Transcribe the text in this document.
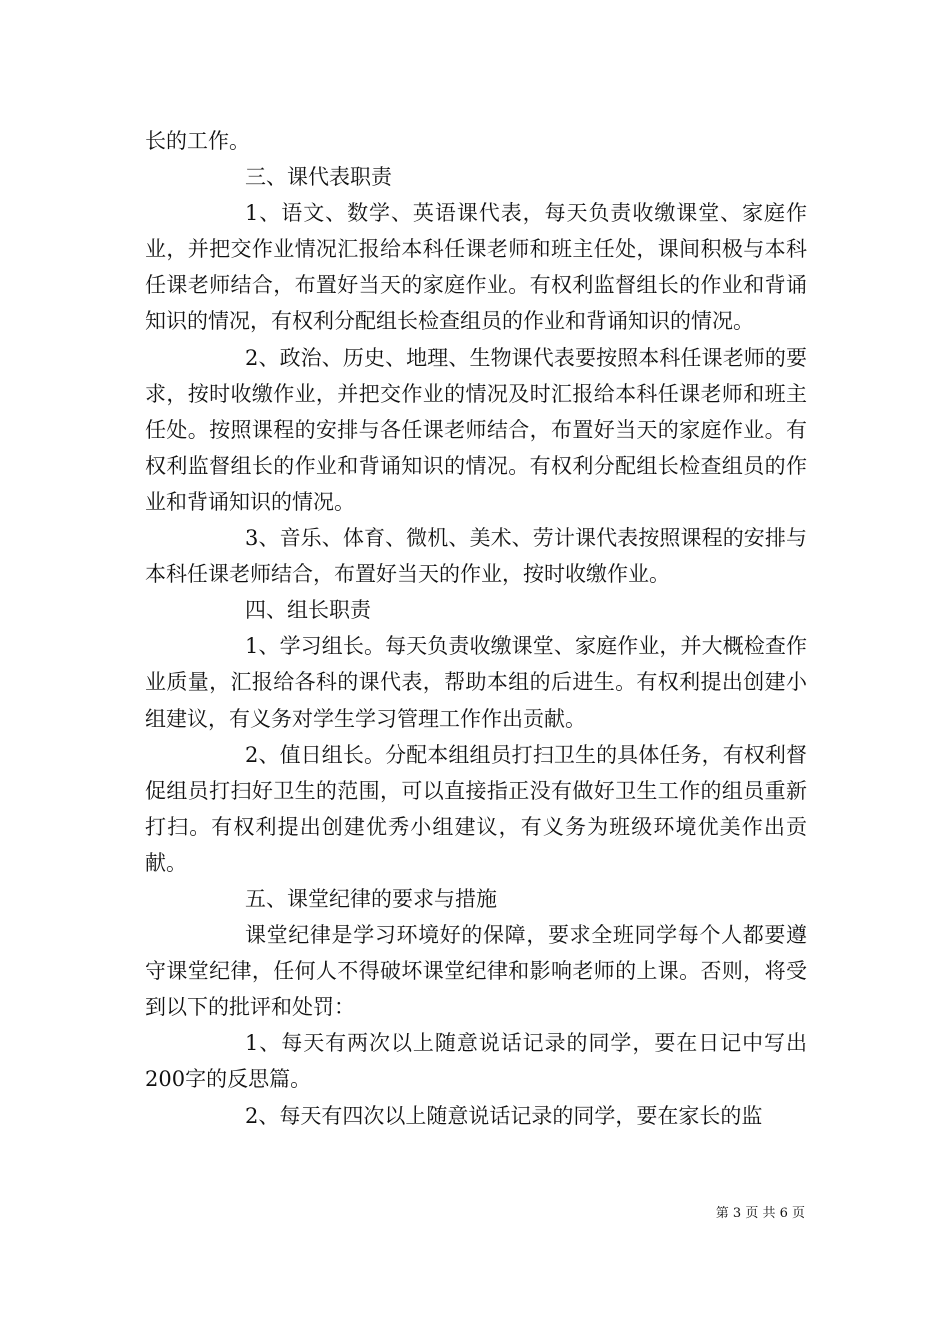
长的工作。

三、课代表职责

1、语文、数学、英语课代表，每天负责收缴课堂、家庭作业，并把交作业情况汇报给本科任课老师和班主任处，课间积极与本科任课老师结合，布置好当天的家庭作业。有权利监督组长的作业和背诵知识的情况，有权利分配组长检查组员的作业和背诵知识的情况。

2、政治、历史、地理、生物课代表要按照本科任课老师的要求，按时收缴作业，并把交作业的情况及时汇报给本科任课老师和班主任处。按照课程的安排与各任课老师结合，布置好当天的家庭作业。有权利监督组长的作业和背诵知识的情况。有权利分配组长检查组员的作业和背诵知识的情况。

3、音乐、体育、微机、美术、劳计课代表按照课程的安排与本科任课老师结合，布置好当天的作业，按时收缴作业。

四、组长职责

1、学习组长。每天负责收缴课堂、家庭作业，并大概检查作业质量，汇报给各科的课代表，帮助本组的后进生。有权利提出创建小组建议，有义务对学生学习管理工作作出贡献。

2、值日组长。分配本组组员打扫卫生的具体任务，有权利督促组员打扫好卫生的范围，可以直接指正没有做好卫生工作的组员重新打扫。有权利提出创建优秀小组建议，有义务为班级环境优美作出贡献。

五、课堂纪律的要求与措施

课堂纪律是学习环境好的保障，要求全班同学每个人都要遵守课堂纪律，任何人不得破坏课堂纪律和影响老师的上课。否则，将受到以下的批评和处罚：

1、每天有两次以上随意说话记录的同学，要在日记中写出200字的反思篇。

2、每天有四次以上随意说话记录的同学，要在家长的监

第 3 页 共 6 页
